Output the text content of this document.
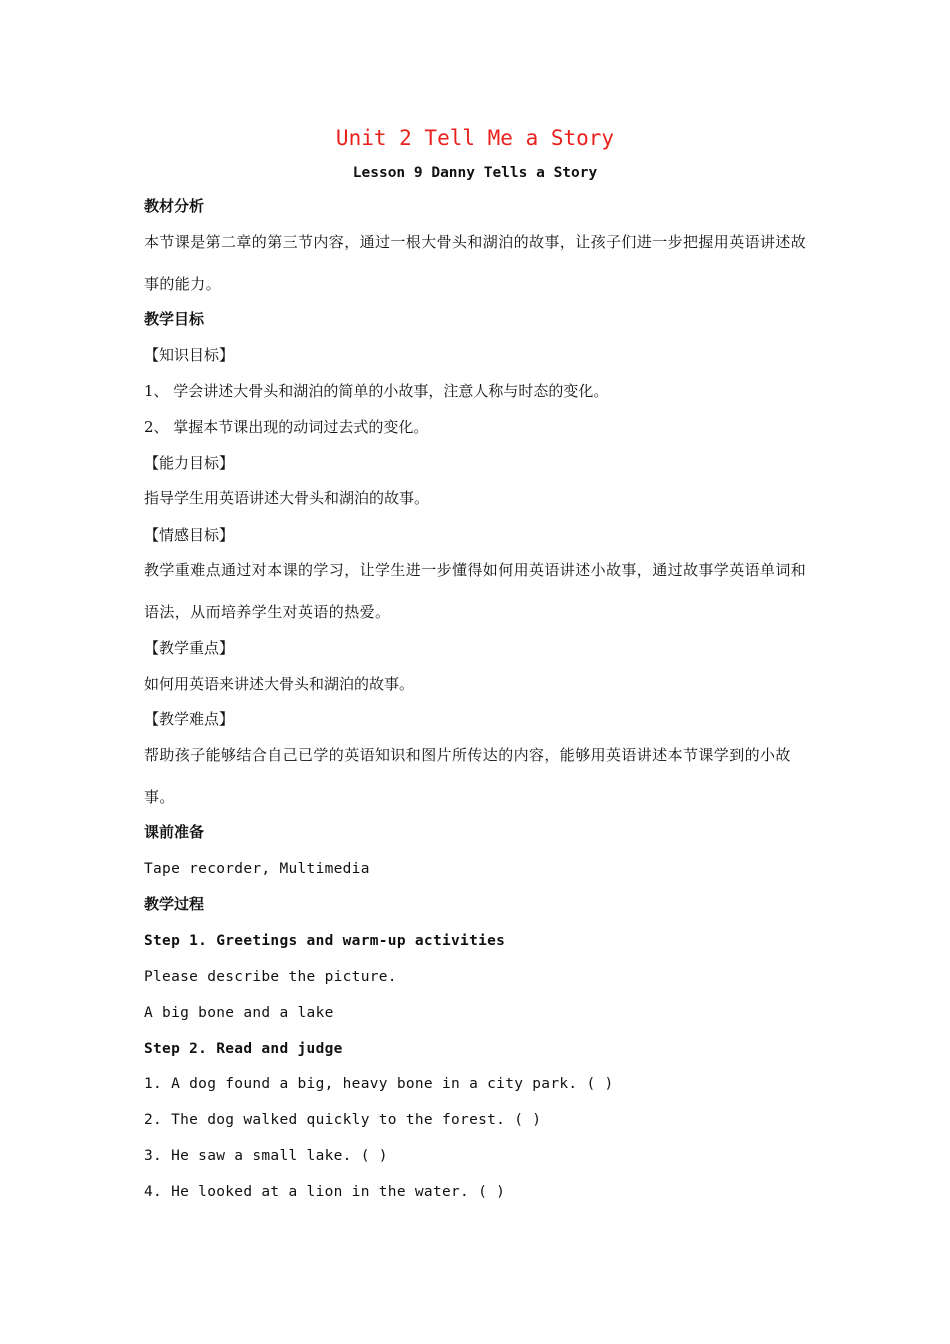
Unit 2 Tell Me a Story
Lesson 9 Danny Tells a Story
教材分析
本节课是第二章的第三节内容，通过一根大骨头和湖泊的故事，让孩子们进一步把握用英语讲述故事的能力。
教学目标
【知识目标】
1、 学会讲述大骨头和湖泊的简单的小故事，注意人称与时态的变化。
2、 掌握本节课出现的动词过去式的变化。
【能力目标】
指导学生用英语讲述大骨头和湖泊的故事。
【情感目标】
教学重难点通过对本课的学习，让学生进一步懂得如何用英语讲述小故事，通过故事学英语单词和语法，从而培养学生对英语的热爱。
【教学重点】
如何用英语来讲述大骨头和湖泊的故事。
【教学难点】
帮助孩子能够结合自己已学的英语知识和图片所传达的内容，能够用英语讲述本节课学到的小故事。
课前准备
Tape recorder, Multimedia
教学过程
Step 1. Greetings and warm-up activities
Please describe the picture.
A big bone and a lake
Step 2. Read and judge
1. A dog found a big, heavy bone in a city park. ( )
2. The dog walked quickly to the forest. ( )
3. He saw a small lake. ( )
4. He looked at a lion in the water. ( )
